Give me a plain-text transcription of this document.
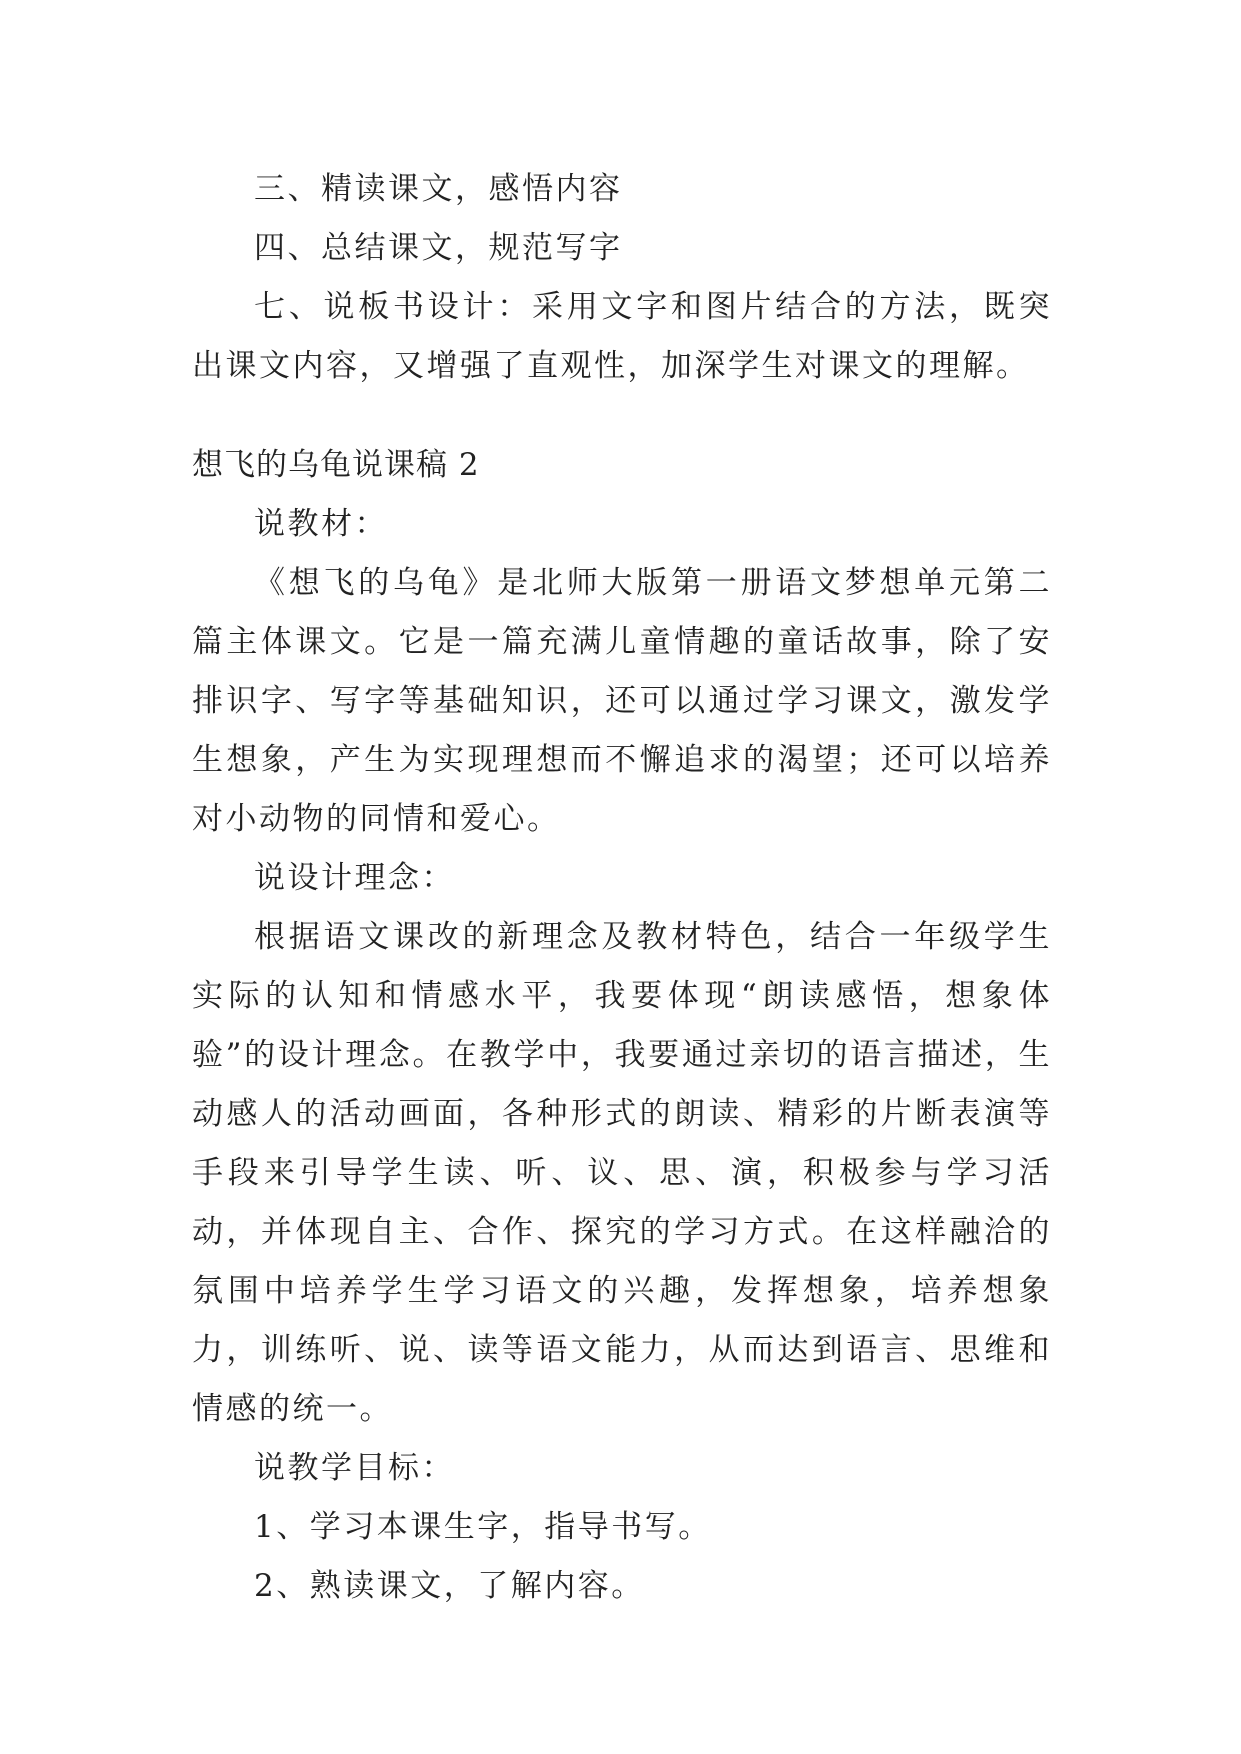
三、精读课文，感悟内容

四、总结课文，规范写字

七、说板书设计：采用文字和图片结合的方法，既突出课文内容，又增强了直观性，加深学生对课文的理解。

想飞的乌龟说课稿 2

说教材：

《想飞的乌龟》是北师大版第一册语文梦想单元第二篇主体课文。它是一篇充满儿童情趣的童话故事，除了安排识字、写字等基础知识，还可以通过学习课文，激发学生想象，产生为实现理想而不懈追求的渴望；还可以培养对小动物的同情和爱心。

说设计理念：

根据语文课改的新理念及教材特色，结合一年级学生实际的认知和情感水平，我要体现“朗读感悟，想象体验”的设计理念。在教学中，我要通过亲切的语言描述，生动感人的活动画面，各种形式的朗读、精彩的片断表演等手段来引导学生读、听、议、思、演，积极参与学习活动，并体现自主、合作、探究的学习方式。在这样融洽的氛围中培养学生学习语文的兴趣，发挥想象，培养想象力，训练听、说、读等语文能力，从而达到语言、思维和情感的统一。

说教学目标：

1、学习本课生字，指导书写。

2、熟读课文，了解内容。
